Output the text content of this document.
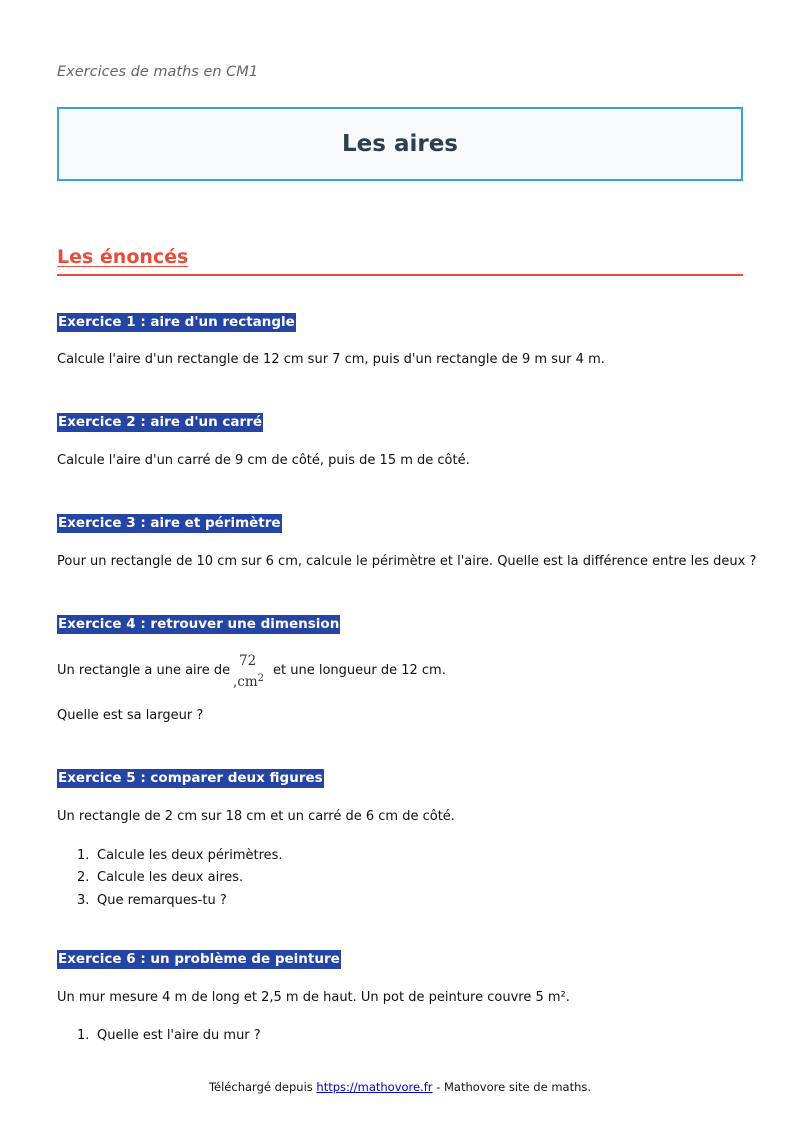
Exercices de maths en CM1
Les aires
Les énoncés
Exercice 1 : aire d'un rectangle
Calcule l'aire d'un rectangle de 12 cm sur 7 cm, puis d'un rectangle de 9 m sur 4 m.
Exercice 2 : aire d'un carré
Calcule l'aire d'un carré de 9 cm de côté, puis de 15 m de côté.
Exercice 3 : aire et périmètre
Pour un rectangle de 10 cm sur 6 cm, calcule le périmètre et l'aire. Quelle est la différence entre les deux ?
Exercice 4 : retrouver une dimension
Un rectangle a une aire de
72
$,cm^2$
et une longueur de 12 cm.
Quelle est sa largeur ?
Exercice 5 : comparer deux figures
Un rectangle de 2 cm sur 18 cm et un carré de 6 cm de côté.
1. Calcule les deux périmètres.
2. Calcule les deux aires.
3. Que remarques-tu ?
Exercice 6 : un problème de peinture
Un mur mesure 4 m de long et 2,5 m de haut. Un pot de peinture couvre 5 m².
1. Quelle est l'aire du mur ?
Téléchargé depuis https://mathovore.fr - Mathovore site de maths.
